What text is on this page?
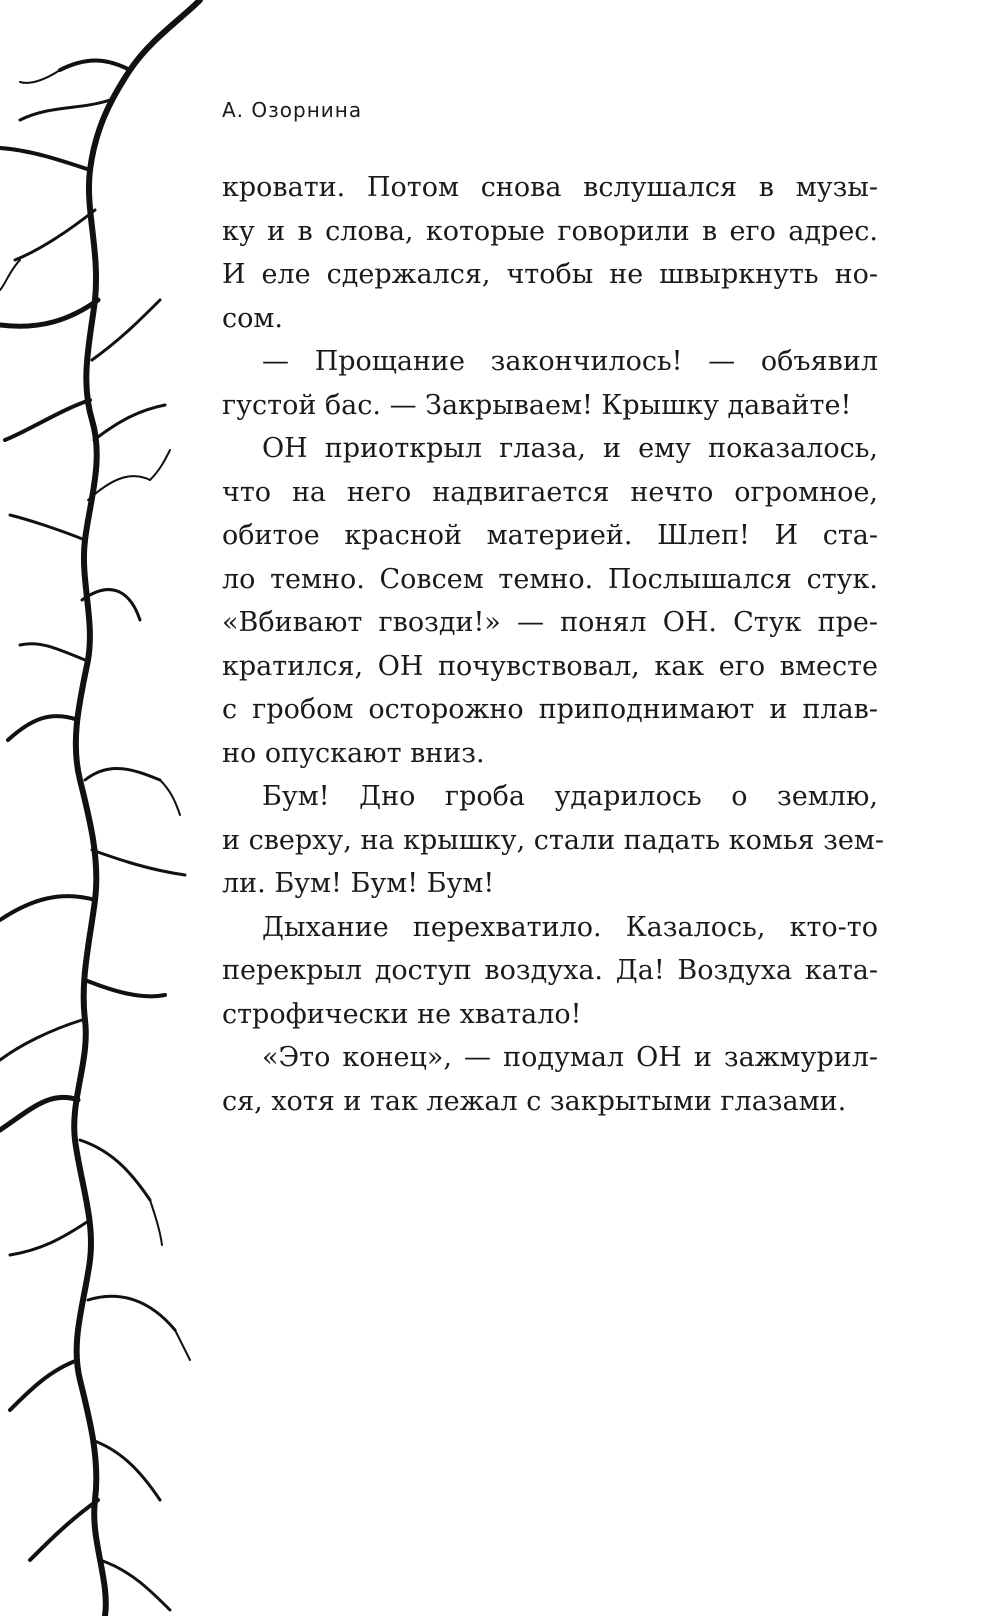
А. Озорнина

кровати. Потом снова вслушался в музы-
ку и в слова, которые говорили в его адрес.
И еле сдержался, чтобы не швыркнуть но-
сом.
— Прощание закончилось! — объявил
густой бас. — Закрываем! Крышку давайте!
ОН приоткрыл глаза, и ему показалось,
что на него надвигается нечто огромное,
обитое красной материей. Шлеп! И ста-
ло темно. Совсем темно. Послышался стук.
«Вбивают гвозди!» — понял ОН. Стук пре-
кратился, ОН почувствовал, как его вместе
с гробом осторожно приподнимают и плав-
но опускают вниз.
Бум! Дно гроба ударилось о землю,
и сверху, на крышку, стали падать комья зем-
ли. Бум! Бум! Бум!
Дыхание перехватило. Казалось, кто-то
перекрыл доступ воздуха. Да! Воздуха ката-
строфически не хватало!
«Это конец», — подумал ОН и зажмурил-
ся, хотя и так лежал с закрытыми глазами.
